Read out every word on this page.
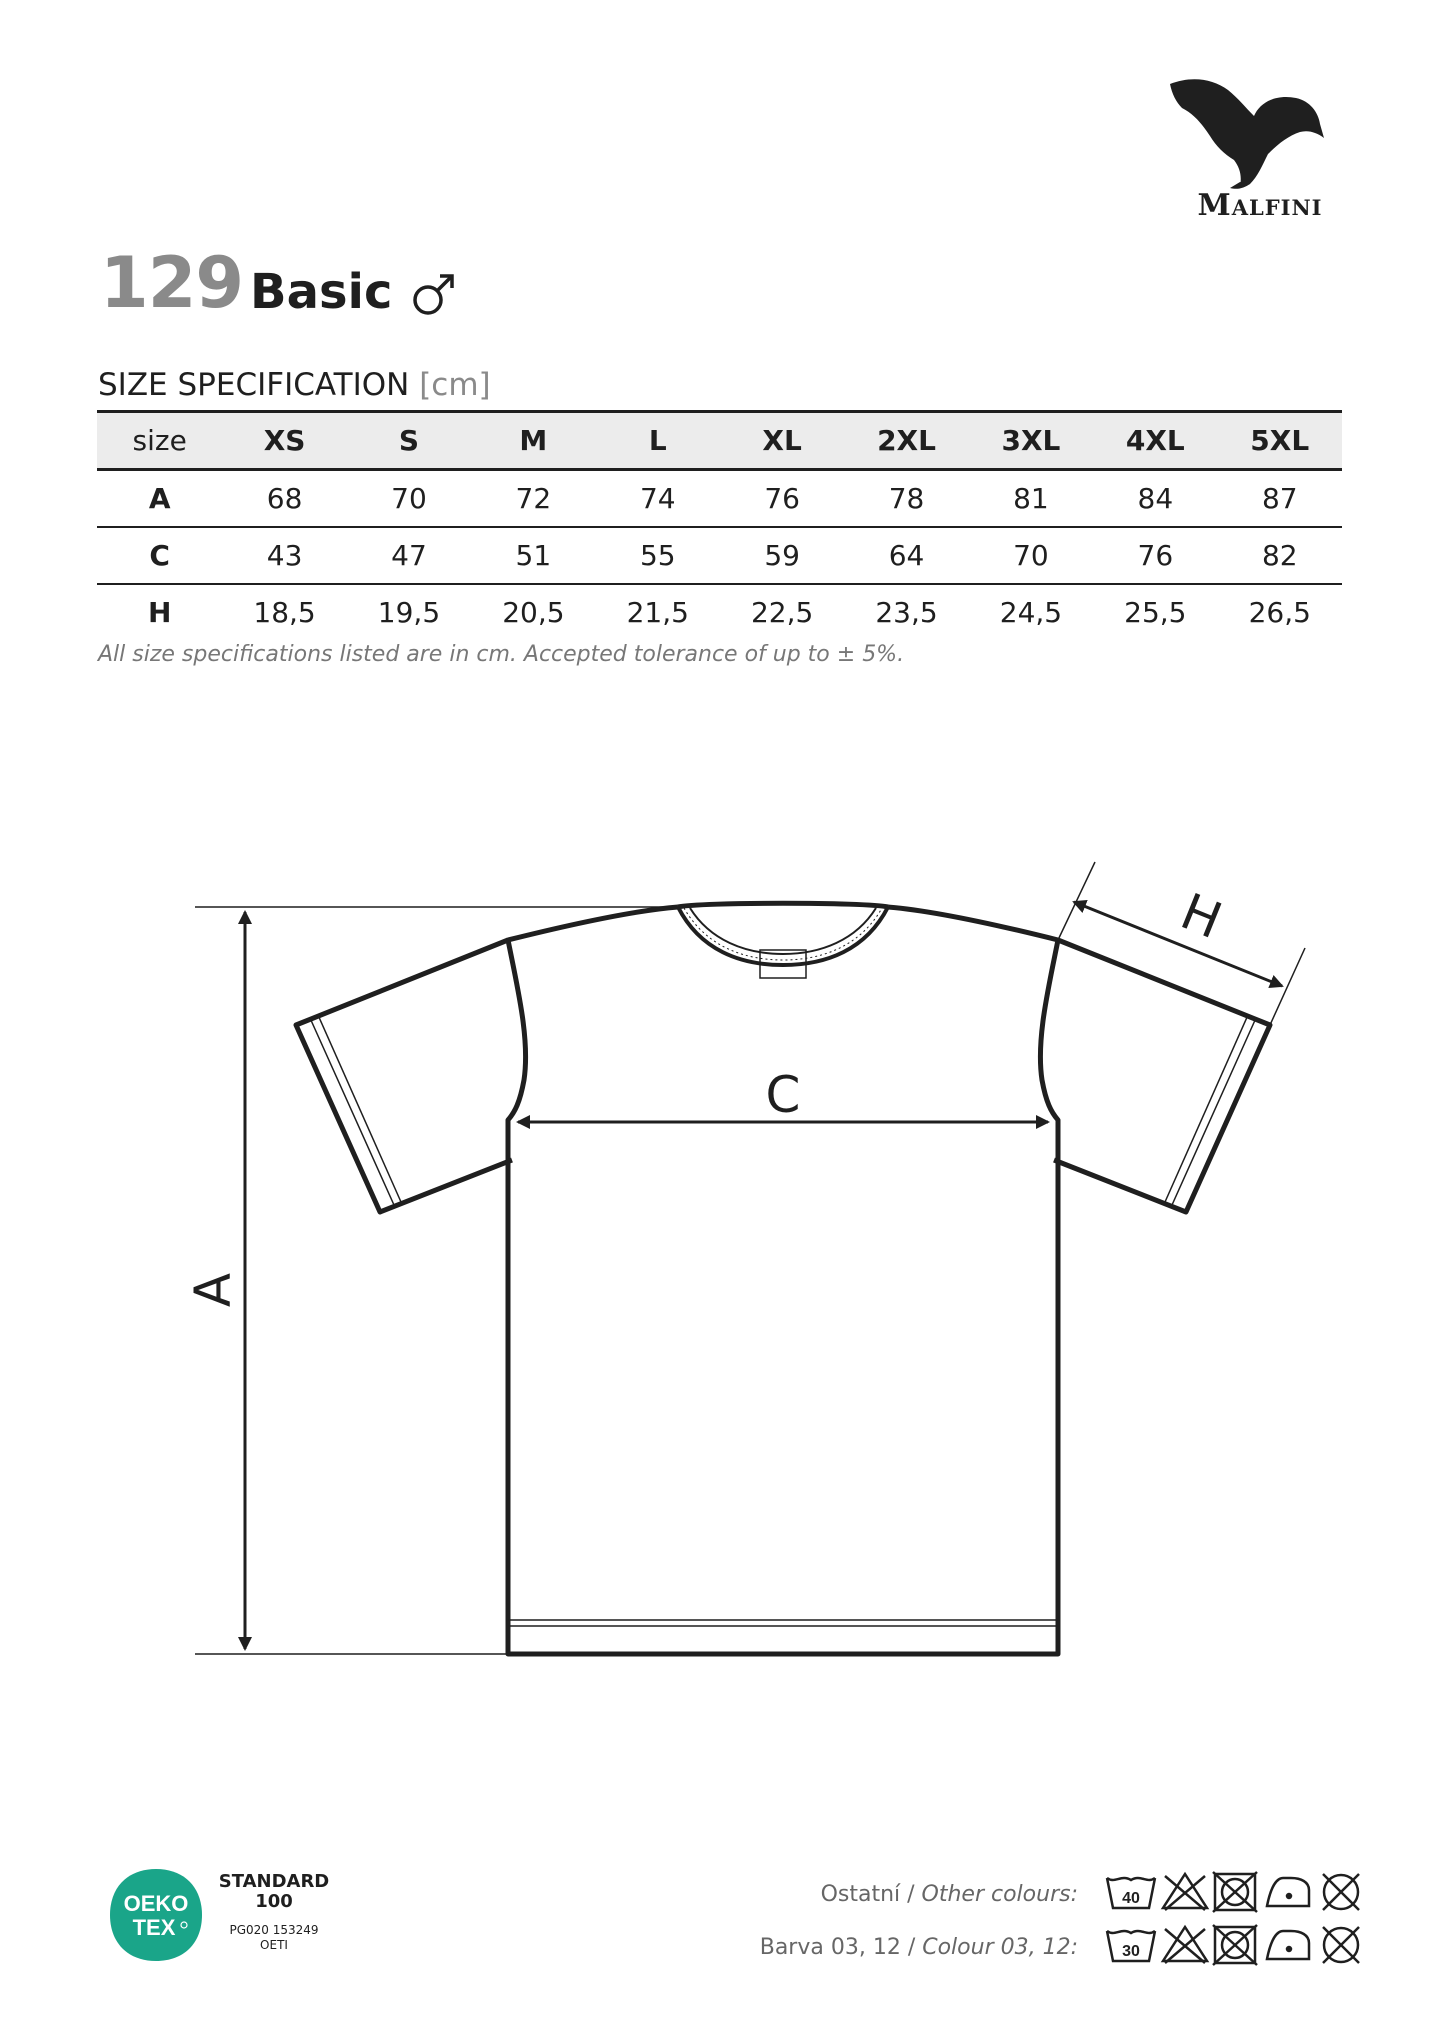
Malfini
129 Basic
SIZE SPECIFICATION [cm]
size	XS	S	M	L	XL	2XL	3XL	4XL	5XL
A	68	70	72	74	76	78	81	84	87
C	43	47	51	55	59	64	70	76	82
H	18,5	19,5	20,5	21,5	22,5	23,5	24,5	25,5	26,5
All size specifications listed are in cm. Accepted tolerance of up to ± 5%.
A
C
H
OEKO
TEX
STANDARD
100
PG020 153249
OETI
Ostatní / Other colours:	40
Barva 03, 12 / Colour 03, 12:	30
